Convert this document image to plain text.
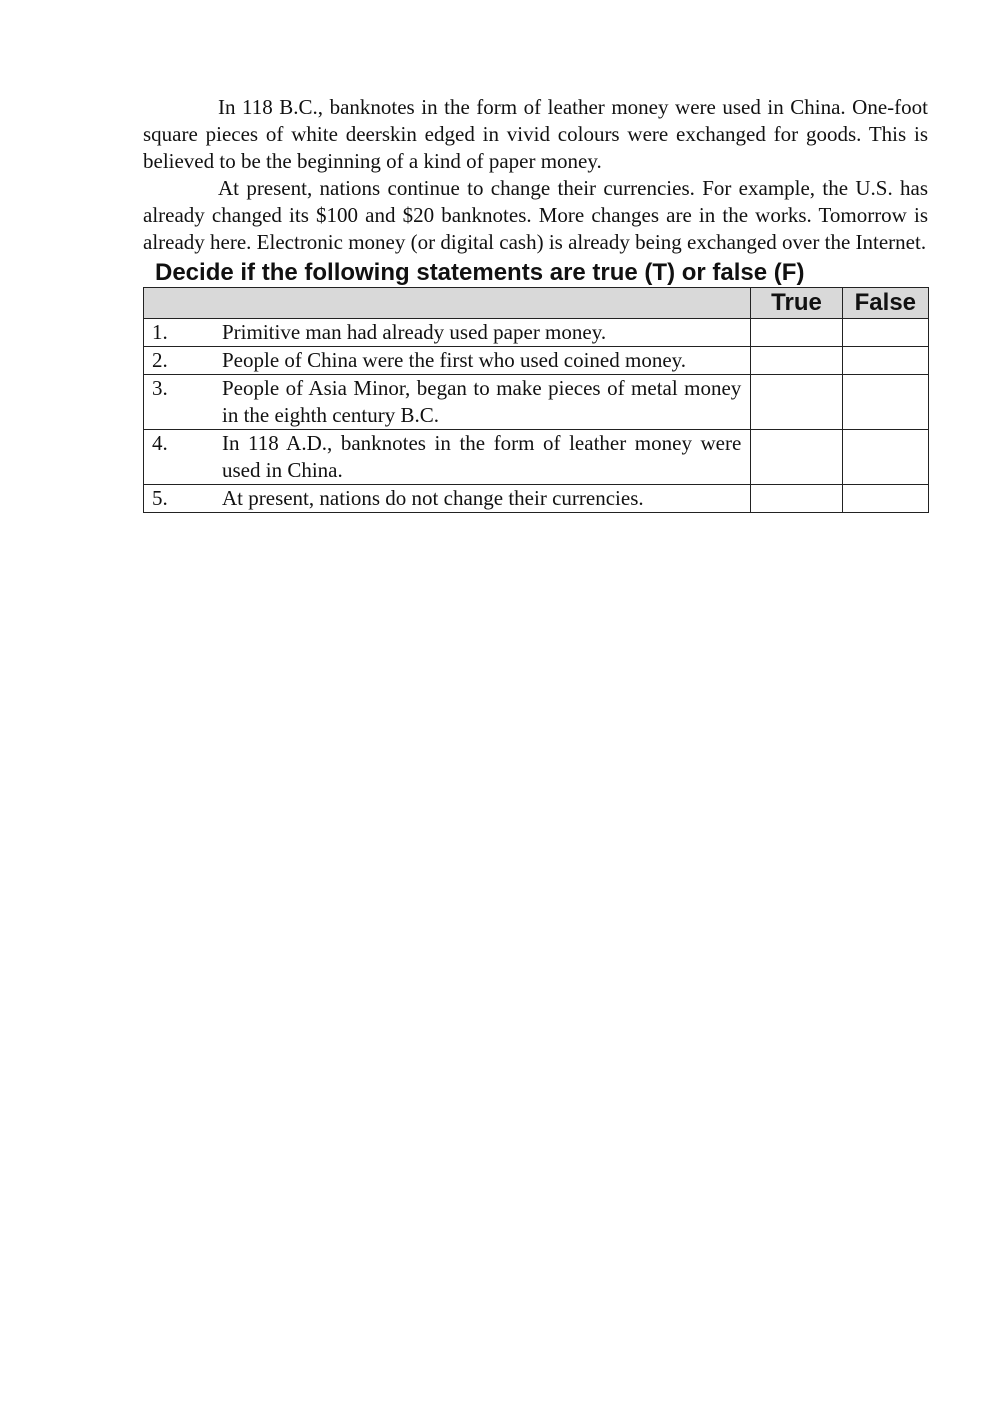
In 118 B.C., banknotes in the form of leather money were used in China. One-foot square pieces of white deerskin edged in vivid colours were exchanged for goods. This is believed to be the beginning of a kind of paper money.

At present, nations continue to change their currencies. For example, the U.S. has already changed its $100 and $20 banknotes. More changes are in the works. Tomorrow is already here. Electronic money (or digital cash) is already being exchanged over the Internet.

Decide if the following statements are true (T) or false (F)
	True	False

1. Primitive man had already used paper money.		

2. People of China were the first who used coined money.		

3. People of Asia Minor, began to make pieces of metal money in the eighth century B.C.		

4. In 118 A.D., banknotes in the form of leather money were used in China.		

5. At present, nations do not change their currencies.		
